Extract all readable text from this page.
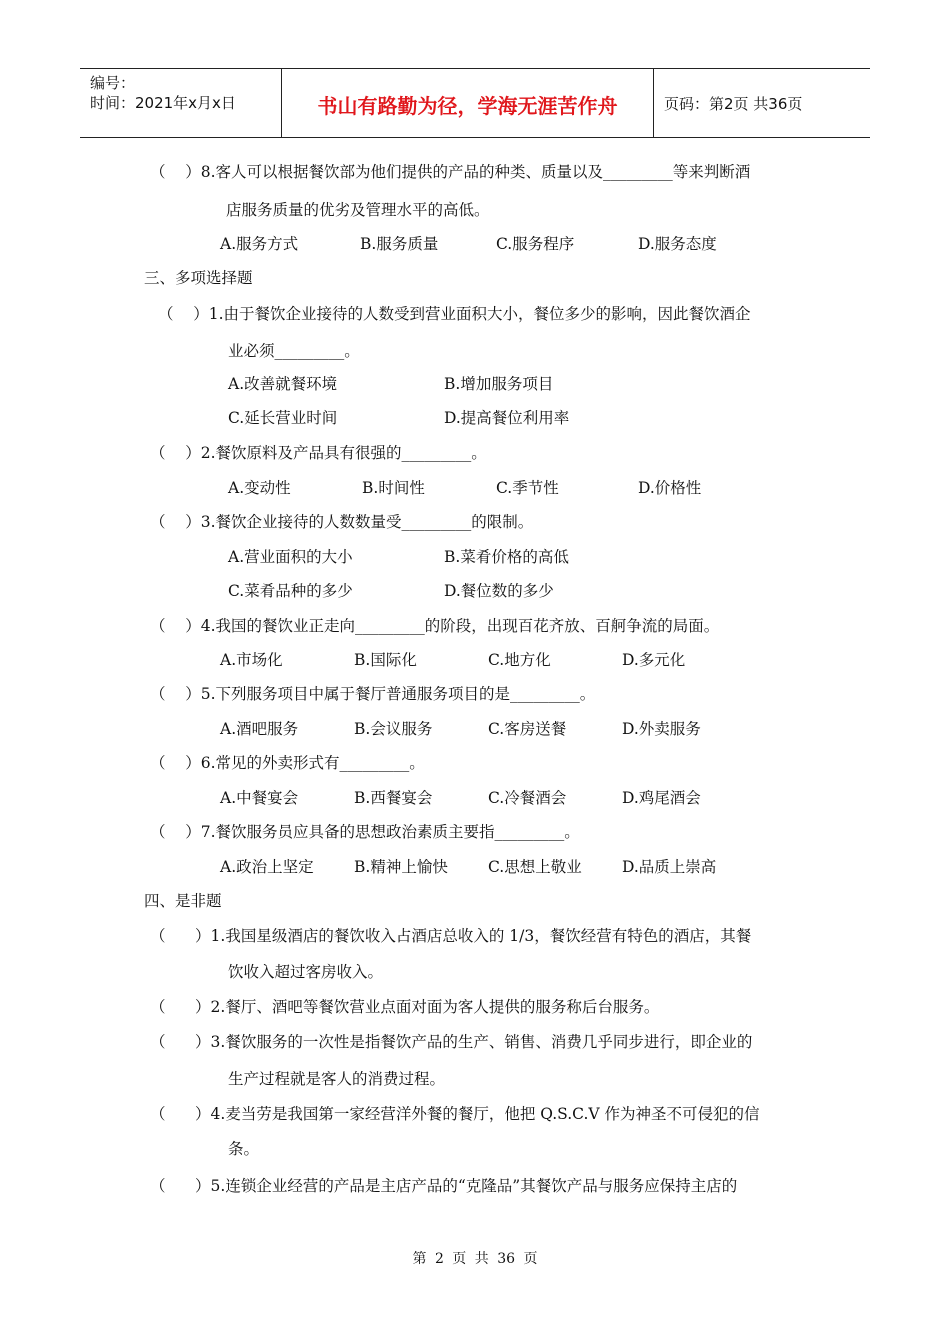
编号：
时间：2021年x月x日	书山有路勤为径，学海无涯苦作舟	页码：第2页 共36页
（    ）8.客人可以根据餐饮部为他们提供的产品的种类、质量以及_________等来判断酒
店服务质量的优劣及管理水平的高低。
A.服务方式	B.服务质量	C.服务程序	D.服务态度
三、多项选择题
（    ）1.由于餐饮企业接待的人数受到营业面积大小，餐位多少的影响，因此餐饮酒企
业必须_________。
A.改善就餐环境	B.增加服务项目
C.延长营业时间	D.提高餐位利用率
（    ）2.餐饮原料及产品具有很强的_________。
A.变动性	B.时间性	C.季节性	D.价格性
（    ）3.餐饮企业接待的人数数量受_________的限制。
A.营业面积的大小	B.菜肴价格的高低
C.菜肴品种的多少	D.餐位数的多少
（    ）4.我国的餐饮业正走向_________的阶段，出现百花齐放、百舸争流的局面。
A.市场化	B.国际化	C.地方化	D.多元化
（    ）5.下列服务项目中属于餐厅普通服务项目的是_________。
A.酒吧服务	B.会议服务	C.客房送餐	D.外卖服务
（    ）6.常见的外卖形式有_________。
A.中餐宴会	B.西餐宴会	C.冷餐酒会	D.鸡尾酒会
（    ）7.餐饮服务员应具备的思想政治素质主要指_________。
A.政治上坚定	B.精神上愉快	C.思想上敬业	D.品质上崇高
四、是非题
（      ）1.我国星级酒店的餐饮收入占酒店总收入的 1/3，餐饮经营有特色的酒店，其餐
饮收入超过客房收入。
（      ）2.餐厅、酒吧等餐饮营业点面对面为客人提供的服务称后台服务。
（      ）3.餐饮服务的一次性是指餐饮产品的生产、销售、消费几乎同步进行，即企业的
生产过程就是客人的消费过程。
（      ）4.麦当劳是我国第一家经营洋外餐的餐厅，他把 Q.S.C.V 作为神圣不可侵犯的信
条。
（      ）5.连锁企业经营的产品是主店产品的“克隆品”其餐饮产品与服务应保持主店的
第 2 页 共 36 页
